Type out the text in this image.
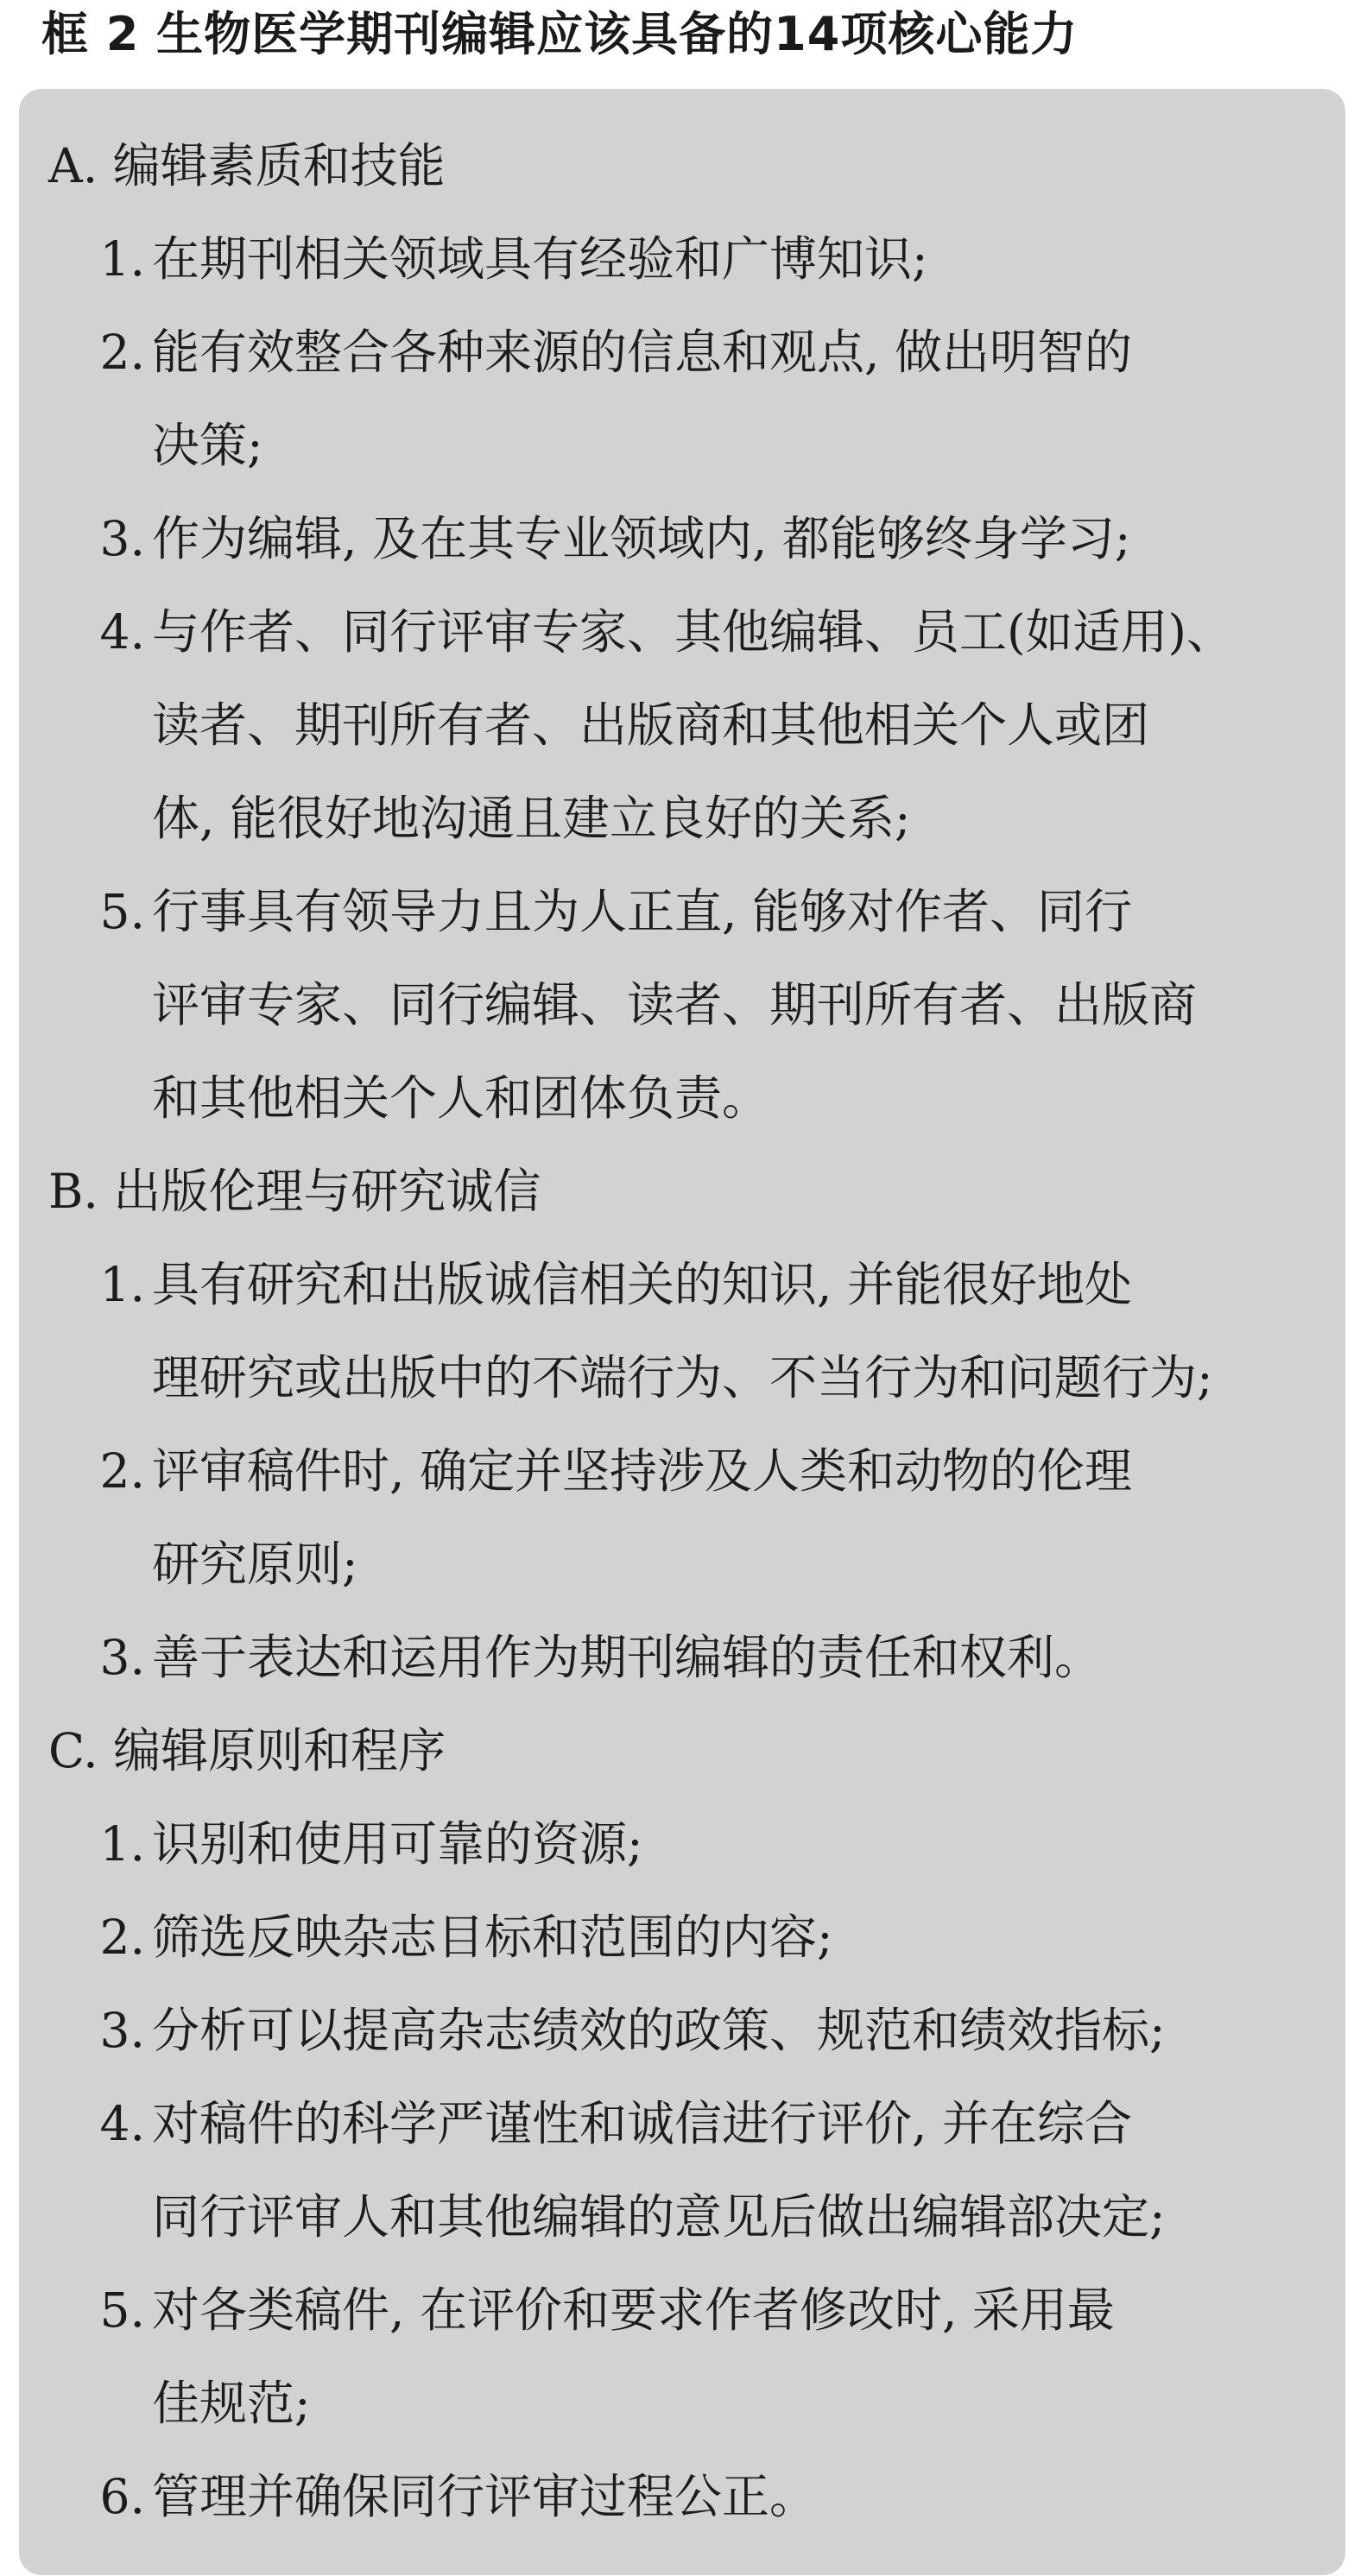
框 2 生物医学期刊编辑应该具备的14项核心能力
A. 编辑素质和技能
1. 在期刊相关领域具有经验和广博知识;
2. 能有效整合各种来源的信息和观点, 做出明智的
决策;
3. 作为编辑, 及在其专业领域内, 都能够终身学习;
4. 与作者、同行评审专家、其他编辑、员工(如适用)、
读者、期刊所有者、出版商和其他相关个人或团
体, 能很好地沟通且建立良好的关系;
5. 行事具有领导力且为人正直, 能够对作者、同行
评审专家、同行编辑、读者、期刊所有者、出版商
和其他相关个人和团体负责。
B. 出版伦理与研究诚信
1. 具有研究和出版诚信相关的知识, 并能很好地处
理研究或出版中的不端行为、不当行为和问题行为;
2. 评审稿件时, 确定并坚持涉及人类和动物的伦理
研究原则;
3. 善于表达和运用作为期刊编辑的责任和权利。
C. 编辑原则和程序
1. 识别和使用可靠的资源;
2. 筛选反映杂志目标和范围的内容;
3. 分析可以提高杂志绩效的政策、规范和绩效指标;
4. 对稿件的科学严谨性和诚信进行评价, 并在综合
同行评审人和其他编辑的意见后做出编辑部决定;
5. 对各类稿件, 在评价和要求作者修改时, 采用最
佳规范;
6. 管理并确保同行评审过程公正。
